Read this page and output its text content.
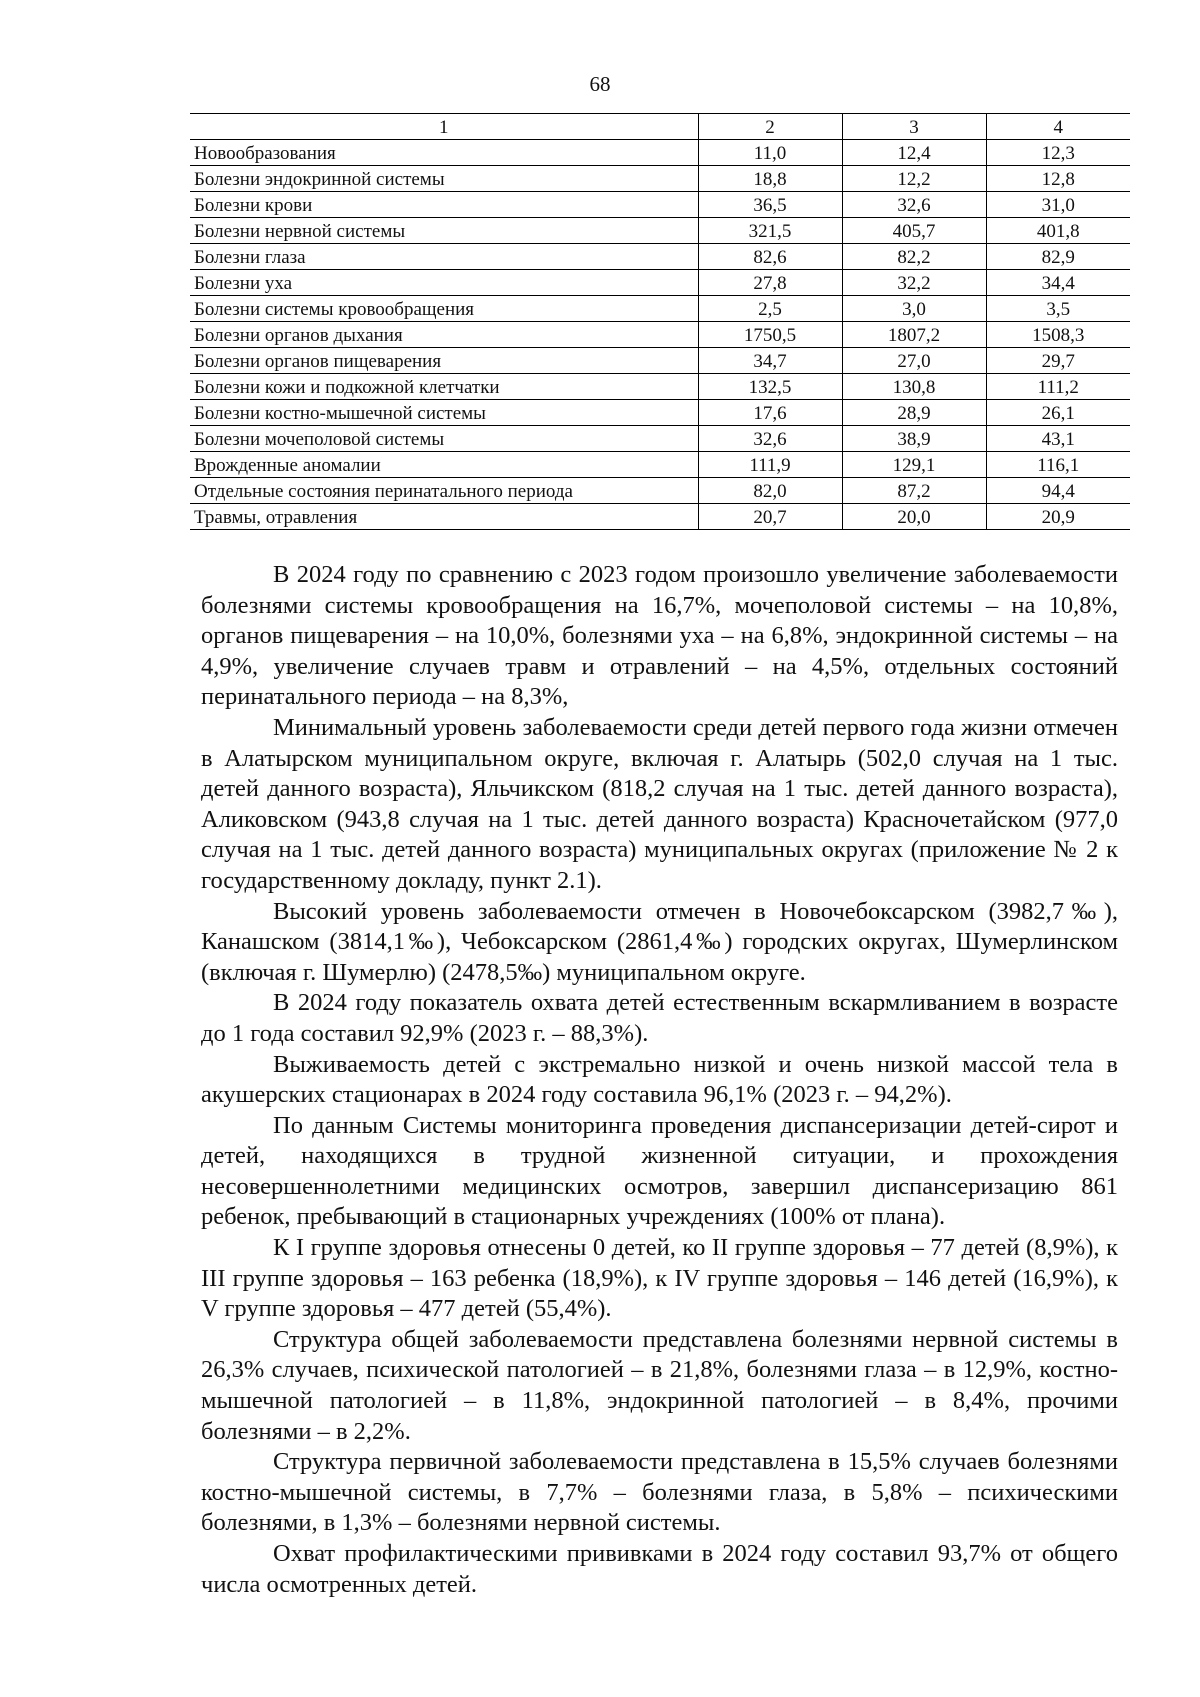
68
1	2	3	4
Новообразования	11,0	12,4	12,3
Болезни эндокринной системы	18,8	12,2	12,8
Болезни крови	36,5	32,6	31,0
Болезни нервной системы	321,5	405,7	401,8
Болезни глаза	82,6	82,2	82,9
Болезни уха	27,8	32,2	34,4
Болезни системы кровообращения	2,5	3,0	3,5
Болезни органов дыхания	1750,5	1807,2	1508,3
Болезни органов пищеварения	34,7	27,0	29,7
Болезни кожи и подкожной клетчатки	132,5	130,8	111,2
Болезни костно-мышечной системы	17,6	28,9	26,1
Болезни мочеполовой системы	32,6	38,9	43,1
Врожденные аномалии	111,9	129,1	116,1
Отдельные состояния перинатального периода	82,0	87,2	94,4
Травмы, отравления	20,7	20,0	20,9

В 2024 году по сравнению с 2023 годом произошло увеличение заболеваемости болезнями системы кровообращения на 16,7%, мочеполовой системы – на 10,8%, органов пищеварения – на 10,0%, болезнями уха – на 6,8%, эндокринной системы – на 4,9%, увеличение случаев травм и отравлений – на 4,5%, отдельных состояний перинатального периода – на 8,3%,

Минимальный уровень заболеваемости среди детей первого года жизни отмечен в Алатырском муниципальном округе, включая г. Алатырь (502,0 случая на 1 тыс. детей данного возраста), Яльчикском (818,2 случая на 1 тыс. детей данного возраста), Аликовском (943,8 случая на 1 тыс. детей данного возраста) Красночетайском (977,0 случая на 1 тыс. детей данного возраста) муниципальных округах (приложение № 2 к государственному докладу, пункт 2.1).

Высокий уровень заболеваемости отмечен в Новочебоксарском (3982,7‰), Канашском (3814,1‰), Чебоксарском (2861,4‰) городских округах, Шумерлинском (включая г. Шумерлю) (2478,5‰) муниципальном округе.

В 2024 году показатель охвата детей естественным вскармливанием в возрасте до 1 года составил 92,9% (2023 г. – 88,3%).

Выживаемость детей с экстремально низкой и очень низкой массой тела в акушерских стационарах в 2024 году составила 96,1% (2023 г. – 94,2%).

По данным Системы мониторинга проведения диспансеризации детей-сирот и детей, находящихся в трудной жизненной ситуации, и прохождения несовершеннолетними медицинских осмотров, завершил диспансеризацию 861 ребенок, пребывающий в стационарных учреждениях (100% от плана).

К I группе здоровья отнесены 0 детей, ко II группе здоровья – 77 детей (8,9%), к III группе здоровья – 163 ребенка (18,9%), к IV группе здоровья – 146 детей (16,9%), к V группе здоровья – 477 детей (55,4%).

Структура общей заболеваемости представлена болезнями нервной системы в 26,3% случаев, психической патологией – в 21,8%, болезнями глаза – в 12,9%, костно-мышечной патологией – в 11,8%, эндокринной патологией – в 8,4%, прочими болезнями – в 2,2%.

Структура первичной заболеваемости представлена в 15,5% случаев болезнями костно-мышечной системы, в 7,7% – болезнями глаза, в 5,8% – психическими болезнями, в 1,3% – болезнями нервной системы.

Охват профилактическими прививками в 2024 году составил 93,7% от общего числа осмотренных детей.
